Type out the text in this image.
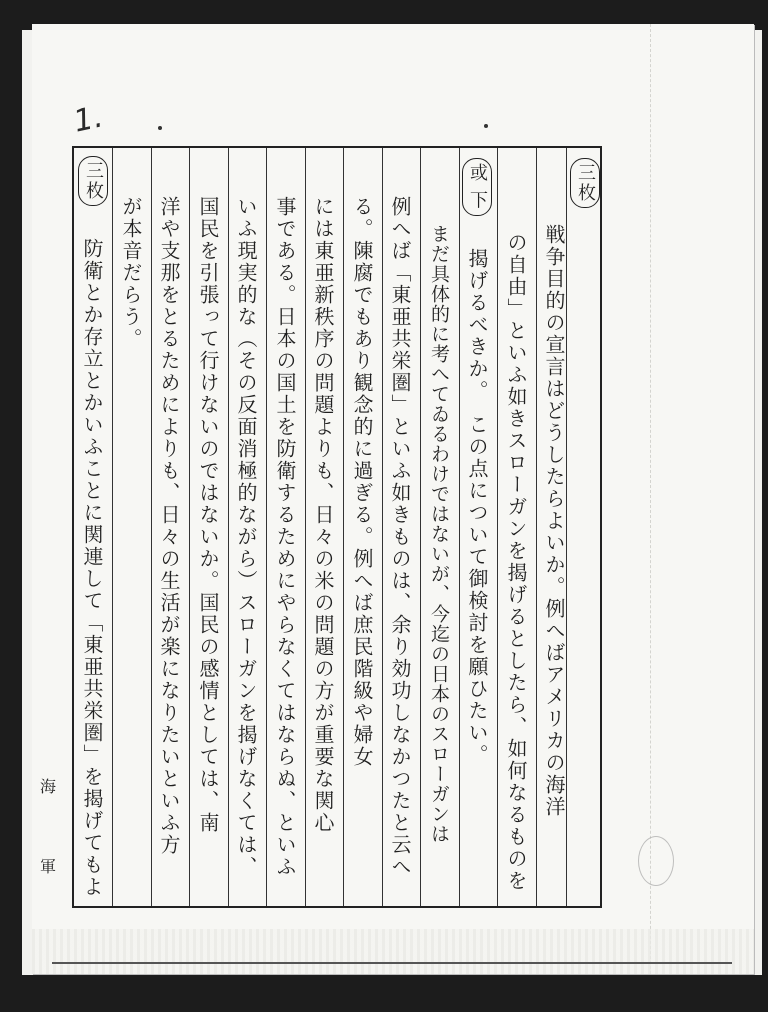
1.
三枚
或 下
三枚
戦争目的の宣言はどうしたらよいか。例へばアメリカの海洋
の自由」といふ如きスローガンを揭げるとしたら、如何なるものを
揭げるべきか。　この点について御検討を願ひたい。
まだ具体的に考へてゐるわけではないが、今迄の日本のスローガンは
例へば「東亜共栄圏」といふ如きものは、余り効功しなかつたと云へ
る。陳腐でもあり観念的に過ぎる。例へば庶民階級や婦女
には東亜新秩序の問題よりも、日々の米の問題の方が重要な関心
事である。日本の国土を防衛するためにやらなくてはならぬ、といふ
いふ現実的な（その反面消極的ながら）スローガンを揭げなくては、
国民を引張って行けないのではないか。国民の感情としては、南
洋や支那をとるためによりも、日々の生活が楽になりたいといふ方
が本音だらう。
防衛とか存立とかいふことに関連して「東亜共栄圏」を揭げてもよ
海
軍
